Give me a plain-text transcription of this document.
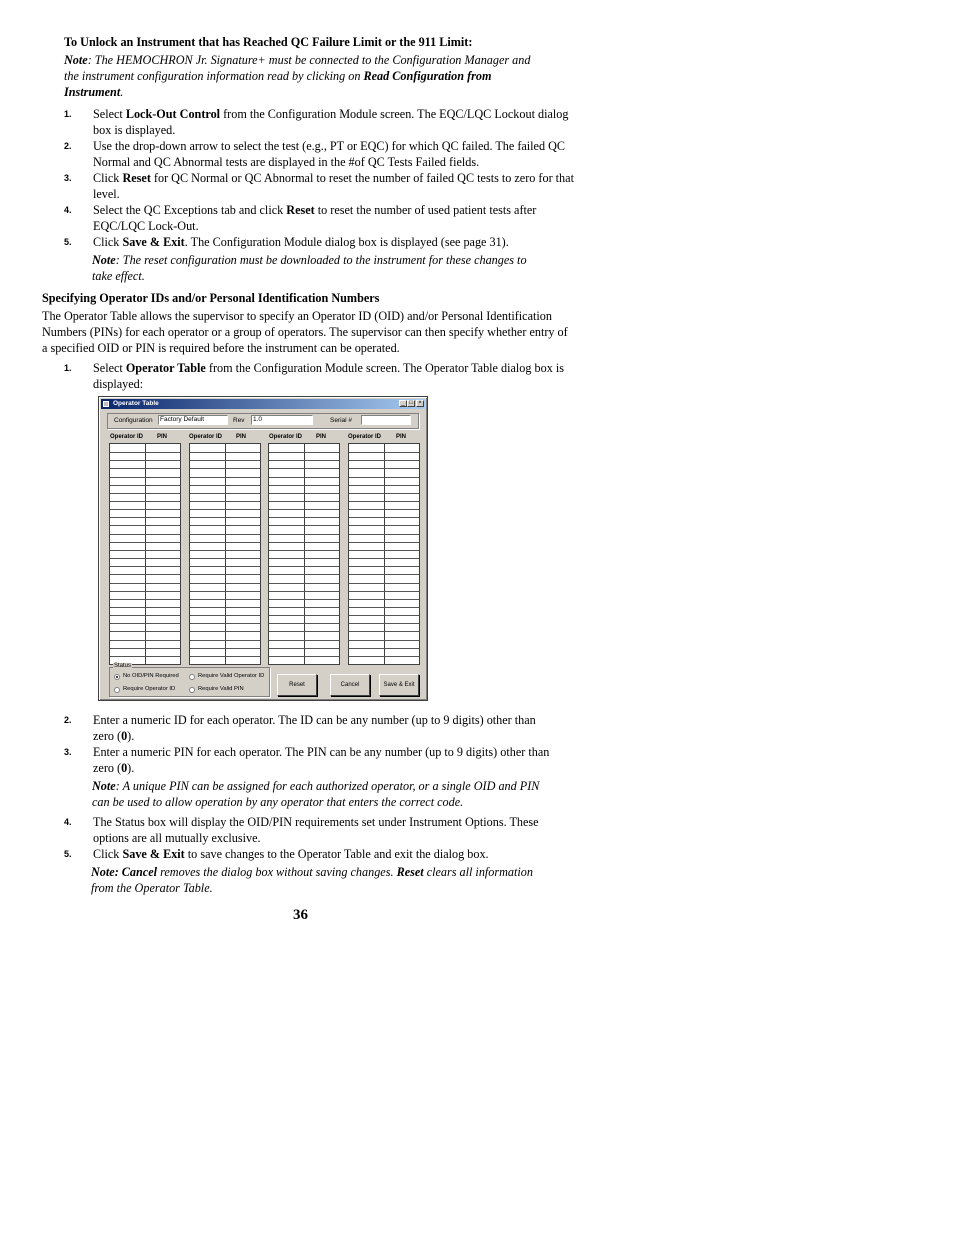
To Unlock an Instrument that has Reached QC Failure Limit or the 911 Limit:
Note: The HEMOCHRON Jr. Signature+ must be connected to the Configuration Manager and
the instrument configuration information read by clicking on Read Configuration from
Instrument.
1. Select Lock-Out Control from the Configuration Module screen. The EQC/LQC Lockout dialog
box is displayed.
2. Use the drop-down arrow to select the test (e.g., PT or EQC) for which QC failed. The failed QC
Normal and QC Abnormal tests are displayed in the #of QC Tests Failed fields.
3. Click Reset for QC Normal or QC Abnormal to reset the number of failed QC tests to zero for that
level.
4. Select the QC Exceptions tab and click Reset to reset the number of used patient tests after
EQC/LQC Lock-Out.
5. Click Save & Exit. The Configuration Module dialog box is displayed (see page 31).
Note: The reset configuration must be downloaded to the instrument for these changes to
take effect.
Specifying Operator IDs and/or Personal Identification Numbers
The Operator Table allows the supervisor to specify an Operator ID (OID) and/or Personal Identification
Numbers (PINs) for each operator or a group of operators. The supervisor can then specify whether entry of
a specified OID or PIN is required before the instrument can be operated.
1. Select Operator Table from the Configuration Module screen. The Operator Table dialog box is
displayed:
Operator Table	_ □ ×
Configuration	Factory Default	Rev	1.0	Serial #
Operator ID PIN	Operator ID PIN	Operator ID PIN	Operator ID PIN
Status
No OID/PIN Required	Require Valid Operator ID
Require Operator ID	Require Valid PIN
Reset	Cancel	Save & Exit
2. Enter a numeric ID for each operator. The ID can be any number (up to 9 digits) other than
zero (0).
3. Enter a numeric PIN for each operator. The PIN can be any number (up to 9 digits) other than
zero (0).
Note: A unique PIN can be assigned for each authorized operator, or a single OID and PIN
can be used to allow operation by any operator that enters the correct code.
4. The Status box will display the OID/PIN requirements set under Instrument Options. These
options are all mutually exclusive.
5. Click Save & Exit to save changes to the Operator Table and exit the dialog box.
Note: Cancel removes the dialog box without saving changes. Reset clears all information
from the Operator Table.
36
